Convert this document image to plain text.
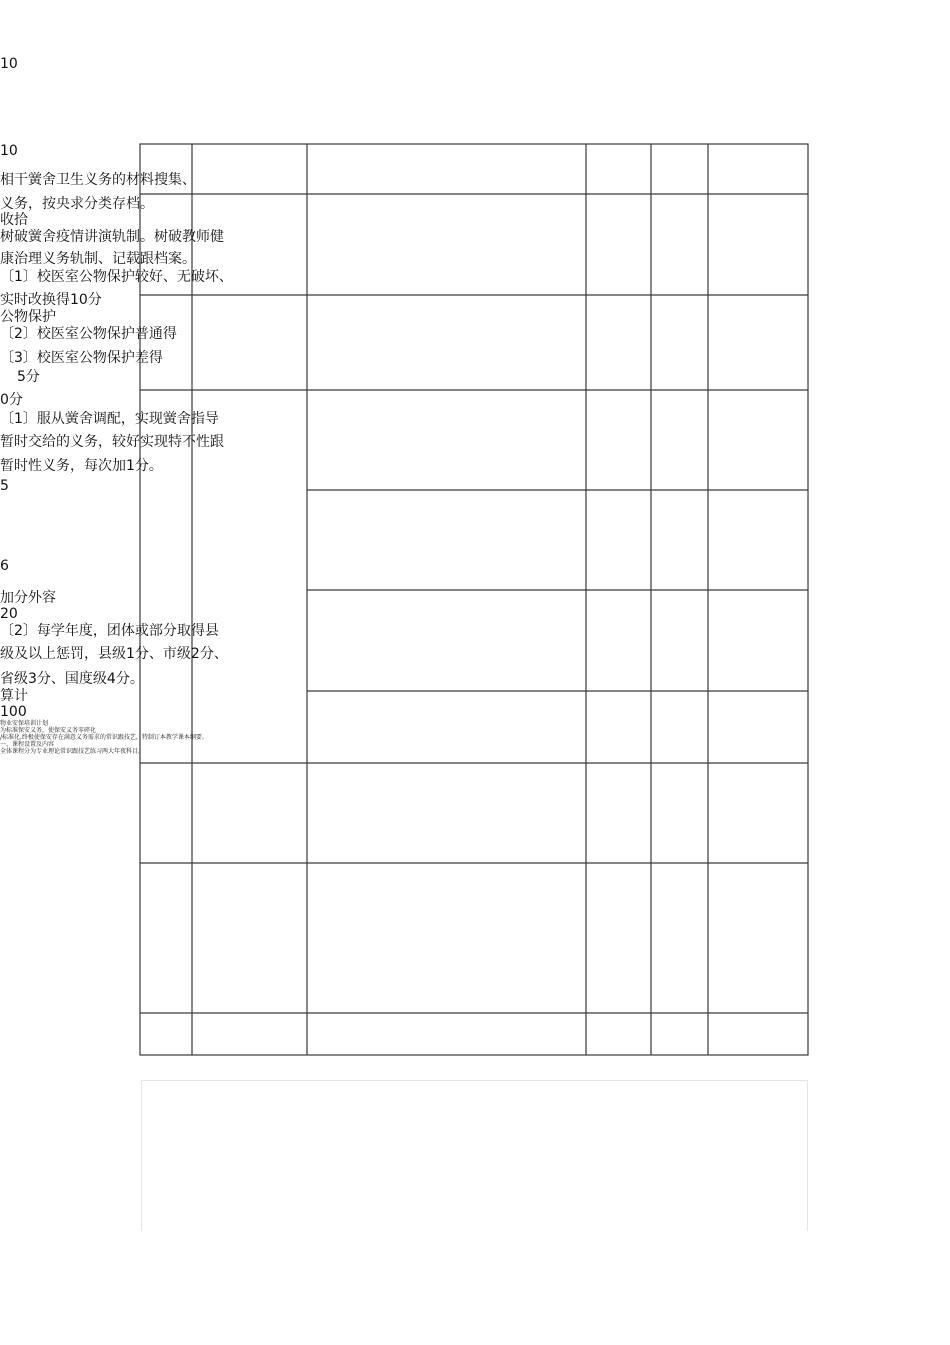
10
10
相干黉舍卫生义务的材料搜集、
义务，按央求分类存档。
收拾
树破黉舍疫情讲演轨制。树破教师健
康治理义务轨制、记载跟档案。
〔1〕校医室公物保护较好、无破坏、
实时改换得10分
公物保护
〔2〕校医室公物保护普通得
〔3〕校医室公物保护差得
5分
0分
〔1〕服从黉舍调配，实现黉舍指导
暂时交给的义务，较好实现特不性跟
暂时性义务，每次加1分。
5
6
加分外容
20
〔2〕每学年度，团体或部分取得县
级及以上惩罚，县级1分、市级2分、
省级3分、国度级4分。
算计
100
物业安保培训计划
为标准保安义务，使保安义务零碎化
/标准化,终极使保安存在满意义务需求的常识跟技艺，特制订本教学课本纲要。
一、课程设置及内容
全体课程分为专业理论常识跟技艺练习两大年夜科目。
